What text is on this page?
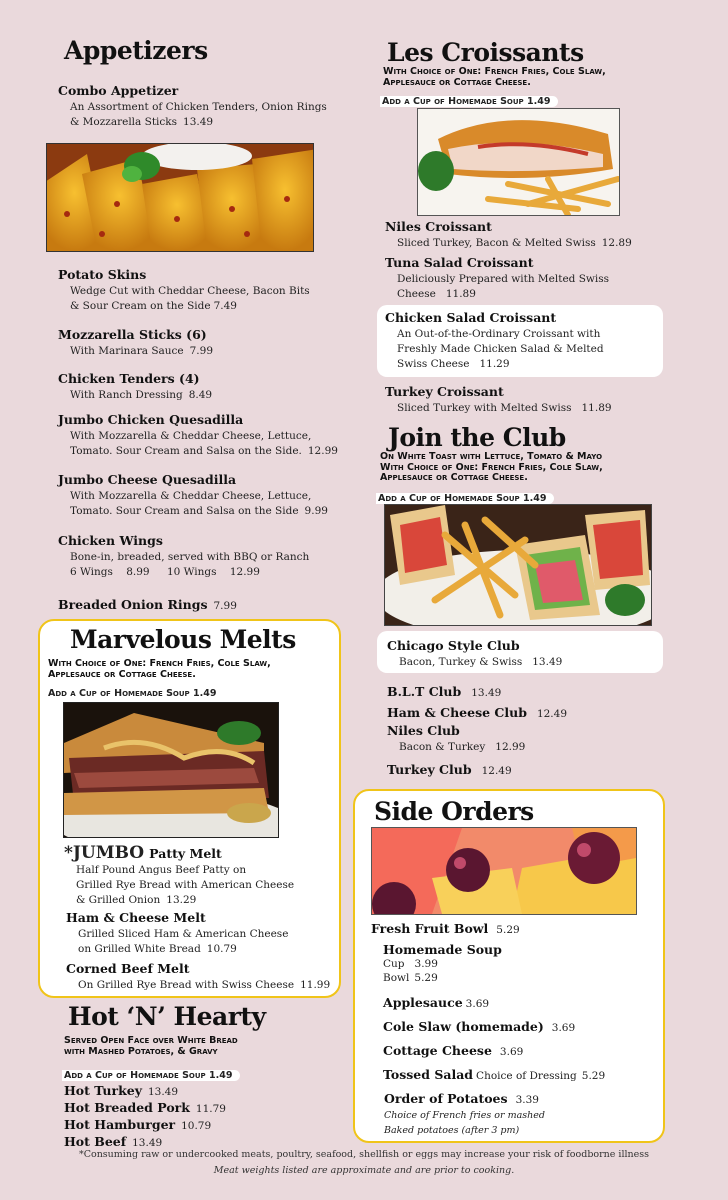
Appetizers
Combo Appetizer
An Assortment of Chicken Tenders, Onion Rings
& Mozzarella Sticks 13.49
Potato Skins
Wedge Cut with Cheddar Cheese, Bacon Bits
& Sour Cream on the Side 7.49
Mozzarella Sticks (6)
With Marinara Sauce 7.99
Chicken Tenders (4)
With Ranch Dressing 8.49
Jumbo Chicken Quesadilla
With Mozzarella & Cheddar Cheese, Lettuce,
Tomato. Sour Cream and Salsa on the Side. 12.99
Jumbo Cheese Quesadilla
With Mozzarella & Cheddar Cheese, Lettuce,
Tomato. Sour Cream and Salsa on the Side 9.99
Chicken Wings
Bone-in, breaded, served with BBQ or Ranch
6 Wings 8.99 10 Wings 12.99
Breaded Onion Rings 7.99
Marvelous Melts
With Choice of One: French Fries, Cole Slaw,
Applesauce or Cottage Cheese.
Add a Cup of Homemade Soup 1.49
*JUMBO Patty Melt
Half Pound Angus Beef Patty on
Grilled Rye Bread with American Cheese
& Grilled Onion 13.29
Ham & Cheese Melt
Grilled Sliced Ham & American Cheese
on Grilled White Bread 10.79
Corned Beef Melt
On Grilled Rye Bread with Swiss Cheese 11.99
Hot ‘N’ Hearty
Served Open Face over White Bread
with Mashed Potatoes, & Gravy
Add a Cup of Homemade Soup 1.49
Hot Turkey 13.49
Hot Breaded Pork 11.79
Hot Hamburger 10.79
Hot Beef 13.49
Les Croissants
With Choice of One: French Fries, Cole Slaw,
Applesauce or Cottage Cheese.
Add a Cup of Homemade Soup 1.49
Niles Croissant
Sliced Turkey, Bacon & Melted Swiss 12.89
Tuna Salad Croissant
Deliciously Prepared with Melted Swiss
Cheese 11.89
Chicken Salad Croissant
An Out-of-the-Ordinary Croissant with
Freshly Made Chicken Salad & Melted
Swiss Cheese 11.29
Turkey Croissant
Sliced Turkey with Melted Swiss 11.89
Join the Club
On White Toast with Lettuce, Tomato & Mayo
With Choice of One: French Fries, Cole Slaw,
Applesauce or Cottage Cheese.
Add a Cup of Homemade Soup 1.49
Chicago Style Club
Bacon, Turkey & Swiss 13.49
B.L.T Club 13.49
Ham & Cheese Club 12.49
Niles Club
Bacon & Turkey 12.99
Turkey Club 12.49
Side Orders
Fresh Fruit Bowl 5.29
Homemade Soup
Cup 3.99
Bowl 5.29
Applesauce 3.69
Cole Slaw (homemade) 3.69
Cottage Cheese 3.69
Tossed Salad Choice of Dressing 5.29
Order of Potatoes 3.39
Choice of French fries or mashed
Baked potatoes (after 3 pm)
*Consuming raw or undercooked meats, poultry, seafood, shellfish or eggs may increase your risk of foodborne illness
Meat weights listed are approximate and are prior to cooking.
